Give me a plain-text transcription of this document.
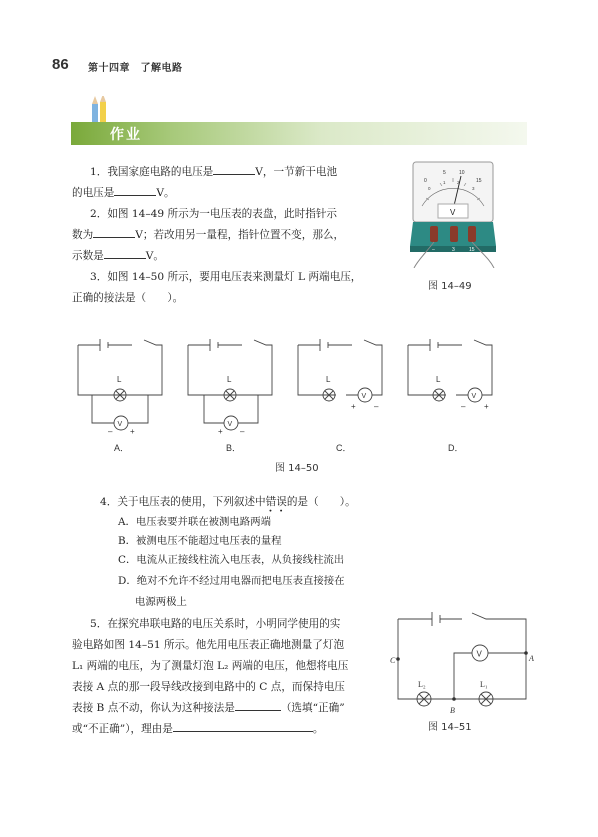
86 第十四章　了解电路
作业
1．我国家庭电路的电压是	V，一节新干电池
的电压是	V。
2．如图 14–49 所示为一电压表的表盘，此时指针示
数为	V；若改用另一量程，指针位置不变，那么，
示数是	V。
3．如图 14–50 所示，要用电压表来测量灯 L 两端电压，
正确的接法是（　　）。
0
5	10
15
0
1	2
3
V
–	3	15
图 14–49
L	L	L	L
V	V
V	V
– +	+ –
+ –	– +
A．	B．	C．	D．
图 14–50
4．关于电压表的使用，下列叙述中错误的是（　　）。
A．电压表要并联在被测电路两端
B．被测电压不能超过电压表的量程
C．电流从正接线柱流入电压表，从负接线柱流出
D．绝对不允许不经过用电器而把电压表直接接在
电源两极上
5．在探究串联电路的电压关系时，小明同学使用的实
验电路如图 14–51 所示。他先用电压表正确地测量了灯泡
L₁ 两端的电压，为了测量灯泡 L₂ 两端的电压，他想将电压
表接 A 点的那一段导线改接到电路中的 C 点，而保持电压
表接 B 点不动，你认为这种接法是	（选填“正确”
或“不正确”），理由是	。
V
C	A
B
L₂	L₁
图 14–51
